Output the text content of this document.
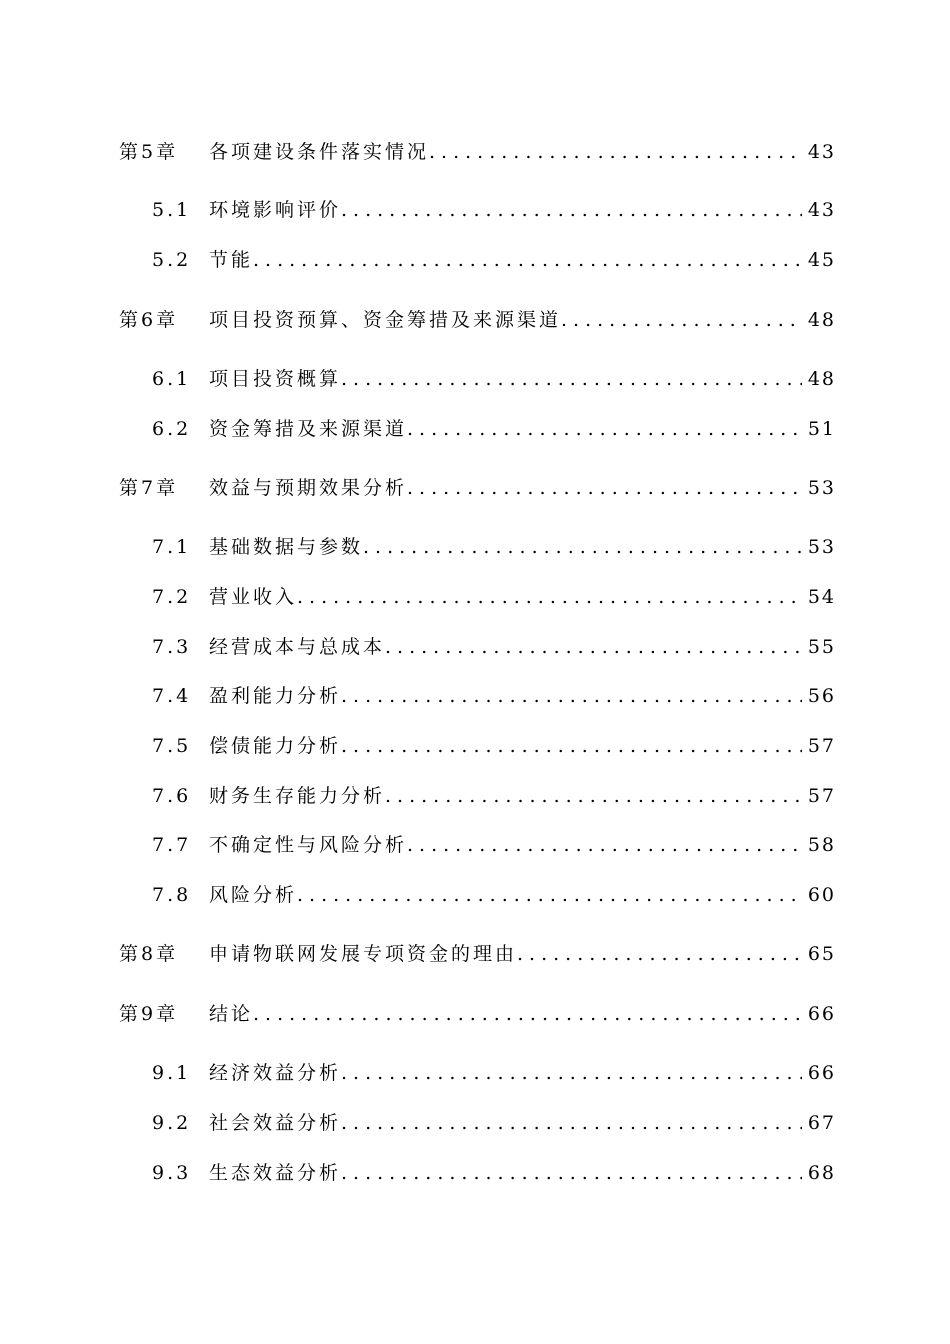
第5章 各项建设条件落实情况 .....	43
5.1 环境影响评价 .....	43
5.2 节能 .....	45
第6章 项目投资预算、资金筹措及来源渠道 .....	48
6.1 项目投资概算 .....	48
6.2 资金筹措及来源渠道 .....	51
第7章 效益与预期效果分析 .....	53
7.1 基础数据与参数 .....	53
7.2 营业收入 .....	54
7.3 经营成本与总成本 .....	55
7.4 盈利能力分析 .....	56
7.5 偿债能力分析 .....	57
7.6 财务生存能力分析 .....	57
7.7 不确定性与风险分析 .....	58
7.8 风险分析 .....	60
第8章 申请物联网发展专项资金的理由 .....	65
第9章 结论 .....	66
9.1 经济效益分析 .....	66
9.2 社会效益分析 .....	67
9.3 生态效益分析 .....	68
